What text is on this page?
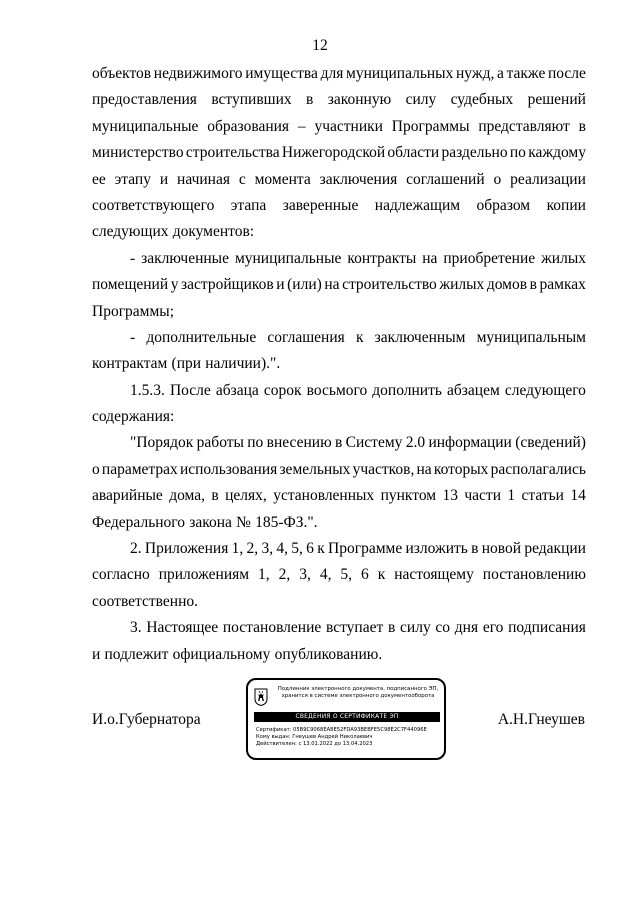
12
объектов недвижимого имущества для муниципальных нужд, а также после
предоставления вступивших в законную силу судебных решений
муниципальные образования – участники Программы представляют в
министерство строительства Нижегородской области раздельно по каждому
ее этапу и начиная с момента заключения соглашений о реализации
соответствующего этапа заверенные надлежащим образом копии
следующих документов:
- заключенные муниципальные контракты на приобретение жилых
помещений у застройщиков и (или) на строительство жилых домов в рамках
Программы;
- дополнительные соглашения к заключенным муниципальным
контрактам (при наличии).".
1.5.3. После абзаца сорок восьмого дополнить абзацем следующего
содержания:
"Порядок работы по внесению в Систему 2.0 информации (сведений)
о параметрах использования земельных участков, на которых располагались
аварийные дома, в целях, установленных пунктом 13 части 1 статьи 14
Федерального закона № 185-ФЗ.".
2. Приложения 1, 2, 3, 4, 5, 6 к Программе изложить в новой редакции
согласно приложениям 1, 2, 3, 4, 5, 6 к настоящему постановлению
соответственно.
3. Настоящее постановление вступает в силу со дня его подписания
и подлежит официальному опубликованию.
И.о.Губернатора
Подлинник электронного документа, подписанного ЭП,
хранится в системе электронного документооборота
СВЕДЕНИЯ О СЕРТИФИКАТЕ ЭП
Сертификат: 05B9C9068EA8E52FDA93BEBFE5C98E2C7F44096E
Кому выдан: Гнеушев Андрей Николаевич
Действителен: с 13.01.2022 до 13.04.2023
А.Н.Гнеушев
